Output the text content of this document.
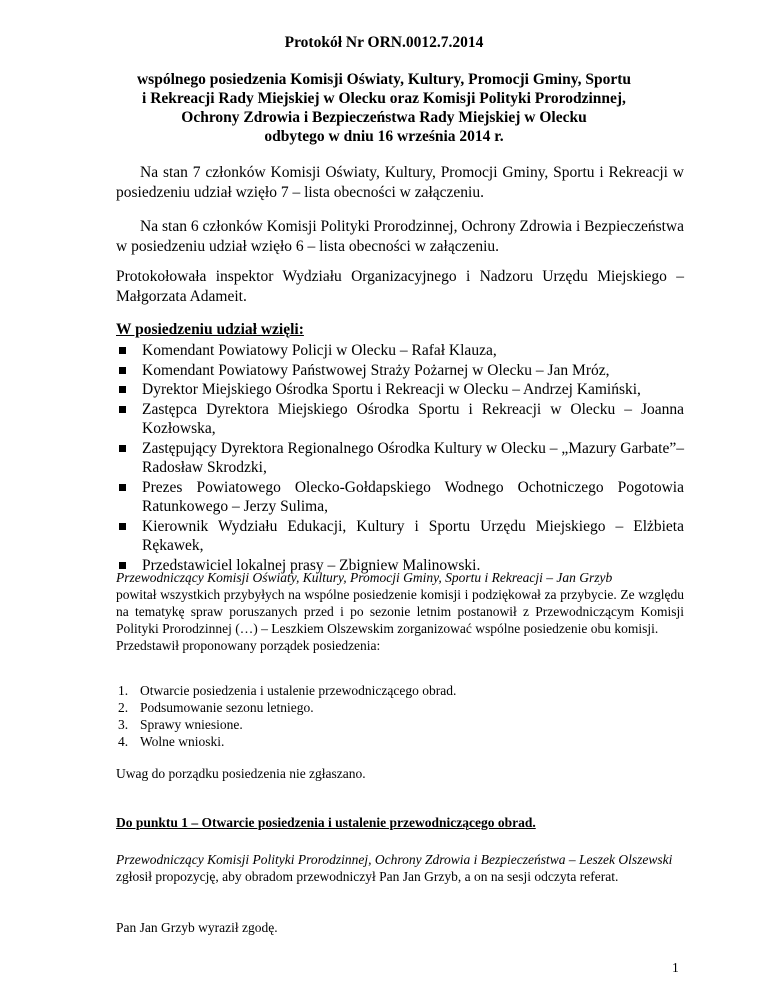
Protokół Nr ORN.0012.7.2014
wspólnego posiedzenia Komisji Oświaty, Kultury, Promocji Gminy, Sportu
i Rekreacji Rady Miejskiej w Olecku oraz Komisji Polityki Prorodzinnej,
Ochrony Zdrowia i Bezpieczeństwa Rady Miejskiej w Olecku
odbytego w dniu 16 września 2014 r.
Na stan 7 członków Komisji Oświaty, Kultury, Promocji Gminy, Sportu i Rekreacji w posiedzeniu udział wzięło 7 – lista obecności w załączeniu.
Na stan 6 członków Komisji Polityki Prorodzinnej, Ochrony Zdrowia i Bezpieczeństwa w posiedzeniu udział wzięło 6 – lista obecności w załączeniu.
Protokołowała inspektor Wydziału Organizacyjnego i Nadzoru Urzędu Miejskiego – Małgorzata Adameit.
W posiedzeniu udział wzięli:
Komendant Powiatowy Policji w Olecku – Rafał Klauza,
Komendant Powiatowy Państwowej Straży Pożarnej w Olecku – Jan Mróz,
Dyrektor Miejskiego Ośrodka Sportu i Rekreacji w Olecku – Andrzej Kamiński,
Zastępca Dyrektora Miejskiego Ośrodka Sportu i Rekreacji w Olecku – Joanna Kozłowska,
Zastępujący Dyrektora Regionalnego Ośrodka Kultury w Olecku – „Mazury Garbate”– Radosław Skrodzki,
Prezes Powiatowego Olecko-Gołdapskiego Wodnego Ochotniczego Pogotowia Ratunkowego – Jerzy Sulima,
Kierownik Wydziału Edukacji, Kultury i Sportu Urzędu Miejskiego – Elżbieta Rękawek,
Przedstawiciel lokalnej prasy – Zbigniew Malinowski.
Przewodniczący Komisji Oświaty, Kultury, Promocji Gminy, Sportu i Rekreacji – Jan Grzyb
powitał wszystkich przybyłych na wspólne posiedzenie komisji i podziękował za przybycie. Ze względu na tematykę spraw poruszanych przed i po sezonie letnim postanowił z Przewodniczącym Komisji Polityki Prorodzinnej (…) – Leszkiem Olszewskim zorganizować wspólne posiedzenie obu komisji.
Przedstawił proponowany porządek posiedzenia:
1. Otwarcie posiedzenia i ustalenie przewodniczącego obrad.
2. Podsumowanie sezonu letniego.
3. Sprawy wniesione.
4. Wolne wnioski.
Uwag do porządku posiedzenia nie zgłaszano.
Do punktu 1 – Otwarcie posiedzenia i ustalenie przewodniczącego obrad.
Przewodniczący Komisji Polityki Prorodzinnej, Ochrony Zdrowia i Bezpieczeństwa – Leszek Olszewski
zgłosił propozycję, aby obradom przewodniczył Pan Jan Grzyb, a on na sesji odczyta referat.
Pan Jan Grzyb wyraził zgodę.
1
